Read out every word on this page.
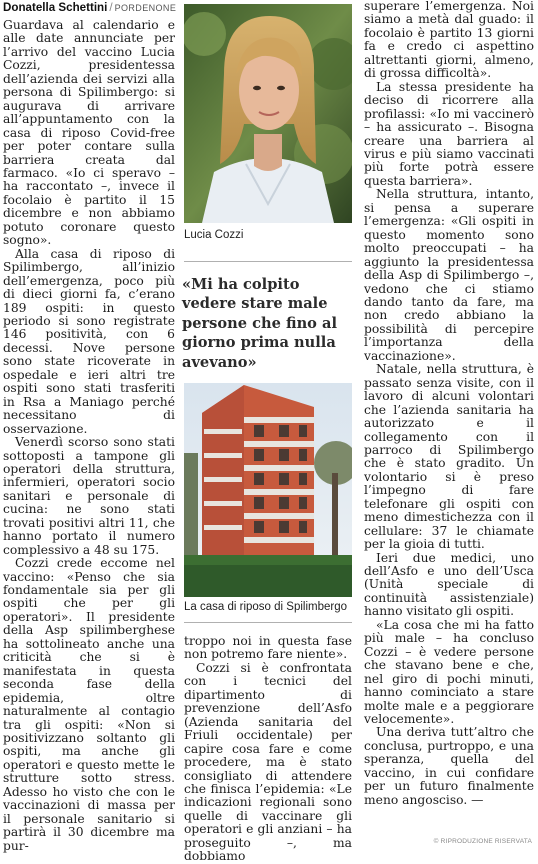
Donatella Schettini / PORDENONE

Guardava al calendario e alle date annunciate per l’arrivo del vaccino Lucia Cozzi, presidentessa dell’azienda dei servizi alla persona di Spilimbergo: si augurava di arrivare all’appuntamento con la casa di riposo Covid-free per poter contare sulla barriera creata dal farmaco. «Io ci speravo – ha raccontato –, invece il focolaio è partito il 15 dicembre e non abbiamo potuto coronare questo sogno».

Alla casa di riposo di Spilimbergo, all’inizio dell’emergenza, poco più di dieci giorni fa, c’erano 189 ospiti: in questo periodo si sono registrate 146 positività, con 6 decessi. Nove persone sono state ricoverate in ospedale e ieri altri tre ospiti sono stati trasferiti in Rsa a Maniago perché necessitano di osservazione.

Venerdì scorso sono stati sottoposti a tampone gli operatori della struttura, infermieri, operatori socio sanitari e personale di cucina: ne sono stati trovati positivi altri 11, che hanno portato il numero complessivo a 48 su 175.

Cozzi crede eccome nel vaccino: «Penso che sia fondamentale sia per gli ospiti che per gli operatori». Il presidente della Asp spilimberghese ha sottolineato anche una criticità che si è manifestata in questa seconda fase della epidemia, oltre naturalmente al contagio tra gli ospiti: «Non si positivizzano soltanto gli ospiti, ma anche gli operatori e questo mette le strutture sotto stress. Adesso ho visto che con le vaccinazioni di massa per il personale sanitario si partirà il 30 dicembre ma pur-

Lucia Cozzi

«Mi ha colpito vedere stare male persone che fino al giorno prima nulla avevano»

La casa di riposo di Spilimbergo

troppo noi in questa fase non potremo fare niente».

Cozzi si è confrontata con i tecnici del dipartimento di prevenzione dell’Asfo (Azienda sanitaria del Friuli occidentale) per capire cosa fare e come procedere, ma è stato consigliato di attendere che finisca l’epidemia: «Le indicazioni regionali sono quelle di vaccinare gli operatori e gli anziani – ha proseguito –, ma dobbiamo

superare l’emergenza. Noi siamo a metà dal guado: il focolaio è partito 13 giorni fa e credo ci aspettino altrettanti giorni, almeno, di grossa difficoltà».

La stessa presidente ha deciso di ricorrere alla profilassi: «Io mi vaccinerò – ha assicurato –. Bisogna creare una barriera al virus e più siamo vaccinati più forte potrà essere questa barriera».

Nella struttura, intanto, si pensa a superare l’emergenza: «Gli ospiti in questo momento sono molto preoccupati – ha aggiunto la presidentessa della Asp di Spilimbergo –, vedono che ci stiamo dando tanto da fare, ma non credo abbiano la possibilità di percepire l’importanza della vaccinazione».

Natale, nella struttura, è passato senza visite, con il lavoro di alcuni volontari che l’azienda sanitaria ha autorizzato e il collegamento con il parroco di Spilimbergo che è stato gradito. Un volontario si è preso l’impegno di fare telefonare gli ospiti con meno dimestichezza con il cellulare: 37 le chiamate per la gioia di tutti.

Ieri due medici, uno dell’Asfo e uno dell’Usca (Unità speciale di continuità assistenziale) hanno visitato gli ospiti.

«La cosa che mi ha fatto più male – ha concluso Cozzi – è vedere persone che stavano bene e che, nel giro di pochi minuti, hanno cominciato a stare molte male e a peggiorare velocemente».

Una deriva tutt’altro che conclusa, purtroppo, e una speranza, quella del vaccino, in cui confidare per un futuro finalmente meno angosciso. —

© RIPRODUZIONE RISERVATA
